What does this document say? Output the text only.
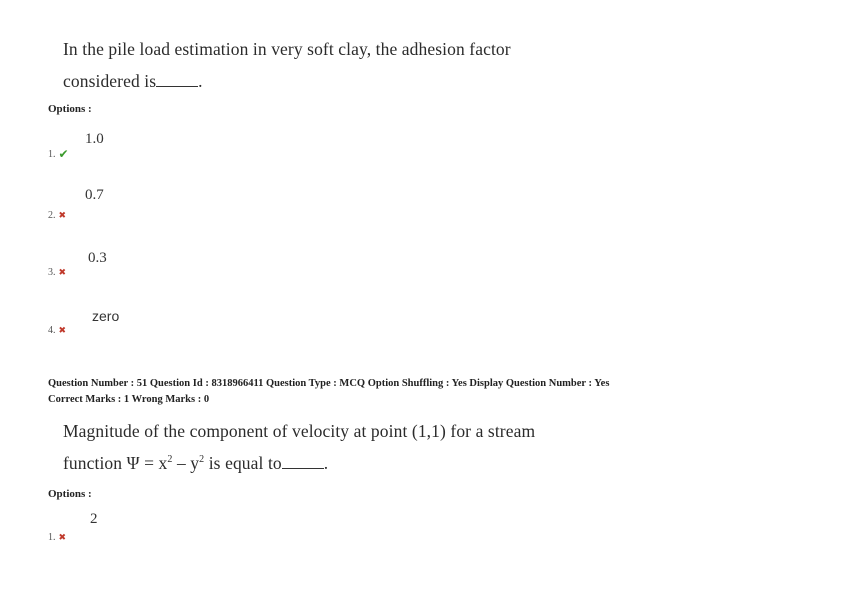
In the pile load estimation in very soft clay, the adhesion factor
considered is .
Options :
1.0
1. ✔
0.7
2. ✖
0.3
3. ✖
zero
4. ✖
Question Number : 51 Question Id : 8318966411 Question Type : MCQ Option Shuffling : Yes Display Question Number : Yes
Correct Marks : 1 Wrong Marks : 0
Magnitude of the component of velocity at point (1,1) for a stream
function $\Psi = x^2 - y^2$ is equal to .
Options :
2
1. ✖
